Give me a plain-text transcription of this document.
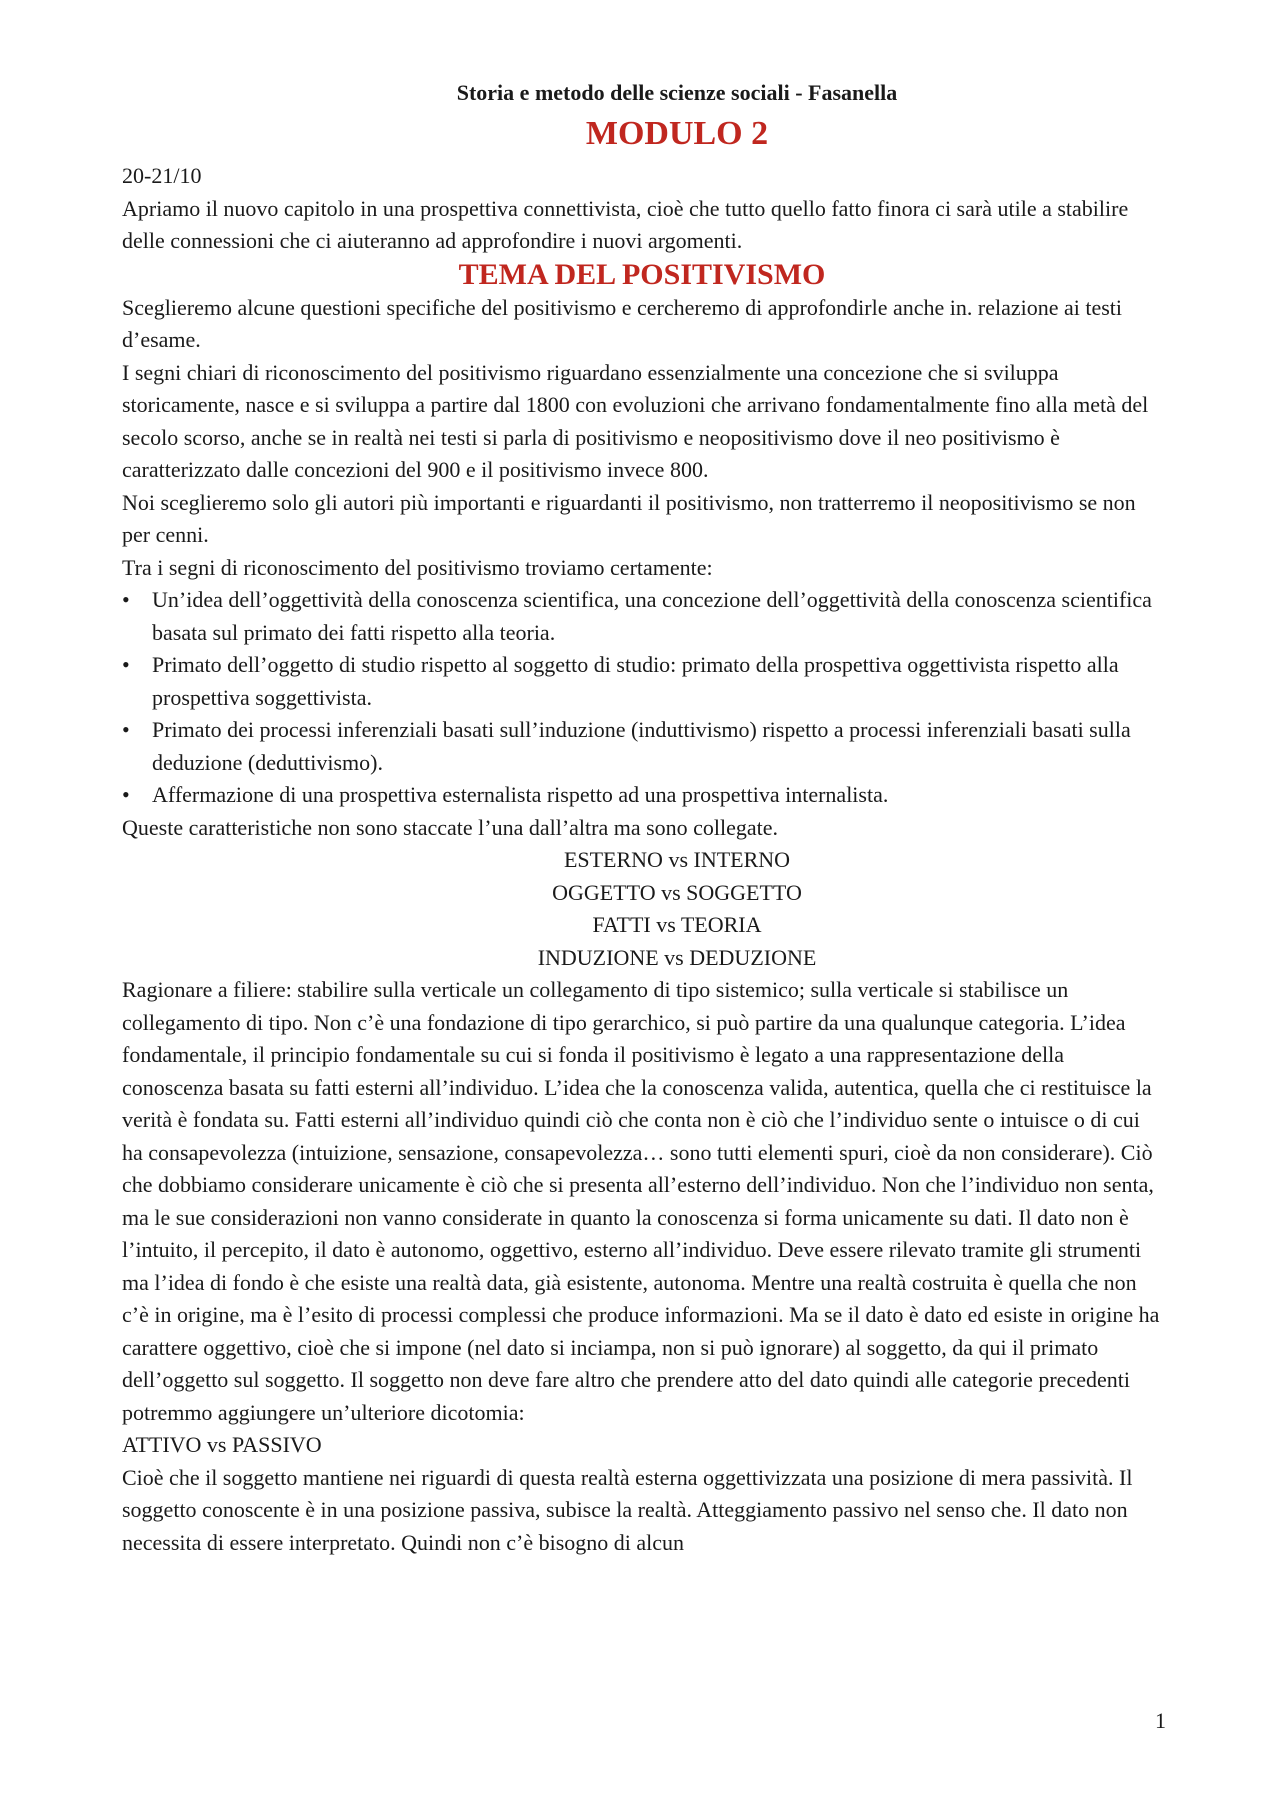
Storia e metodo delle scienze sociali - Fasanella
MODULO 2

20-21/10

Apriamo il nuovo capitolo in una prospettiva connettivista, cioè che tutto quello fatto finora ci sarà utile a stabilire delle connessioni che ci aiuteranno ad approfondire i nuovi argomenti.

TEMA DEL POSITIVISMO

Sceglieremo alcune questioni specifiche del positivismo e cercheremo di approfondirle anche in. relazione ai testi d’esame.

I segni chiari di riconoscimento del positivismo riguardano essenzialmente una concezione che si sviluppa storicamente, nasce e si sviluppa a partire dal 1800 con evoluzioni che arrivano fondamentalmente fino alla metà del secolo scorso, anche se in realtà nei testi si parla di positivismo e neopositivismo dove il neo positivismo è caratterizzato dalle concezioni del 900 e il positivismo invece 800.

Noi sceglieremo solo gli autori più importanti e riguardanti il positivismo, non tratterremo il neopositivismo se non per cenni.

Tra i segni di riconoscimento del positivismo troviamo certamente:

•	Un’idea dell’oggettività della conoscenza scientifica, una concezione dell’oggettività della conoscenza scientifica basata sul primato dei fatti rispetto alla teoria.
•	Primato dell’oggetto di studio rispetto al soggetto di studio: primato della prospettiva oggettivista rispetto alla prospettiva soggettivista.
•	Primato dei processi inferenziali basati sull’induzione (induttivismo) rispetto a processi inferenziali basati sulla deduzione (deduttivismo).
•	Affermazione di una prospettiva esternalista rispetto ad una prospettiva internalista.

Queste caratteristiche non sono staccate l’una dall’altra ma sono collegate.

ESTERNO vs INTERNO
OGGETTO vs SOGGETTO
FATTI vs TEORIA
INDUZIONE vs DEDUZIONE

Ragionare a filiere: stabilire sulla verticale un collegamento di tipo sistemico; sulla verticale si stabilisce un collegamento di tipo. Non c’è una fondazione di tipo gerarchico, si può partire da una qualunque categoria. L’idea fondamentale, il principio fondamentale su cui si fonda il positivismo è legato a una rappresentazione della conoscenza basata su fatti esterni all’individuo. L’idea che la conoscenza valida, autentica, quella che ci restituisce la verità è fondata su. Fatti esterni all’individuo quindi ciò che conta non è ciò che l’individuo sente o intuisce o di cui ha consapevolezza (intuizione, sensazione, consapevolezza… sono tutti elementi spuri, cioè da non considerare). Ciò che dobbiamo considerare unicamente è ciò che si presenta all’esterno dell’individuo. Non che l’individuo non senta, ma le sue considerazioni non vanno considerate in quanto la conoscenza si forma unicamente su dati. Il dato non è l’intuito, il percepito, il dato è autonomo, oggettivo, esterno all’individuo. Deve essere rilevato tramite gli strumenti ma l’idea di fondo è che esiste una realtà data, già esistente, autonoma. Mentre una realtà costruita è quella che non c’è in origine, ma è l’esito di processi complessi che produce informazioni. Ma se il dato è dato ed esiste in origine ha carattere oggettivo, cioè che si impone (nel dato si inciampa, non si può ignorare) al soggetto, da qui il primato dell’oggetto sul soggetto. Il soggetto non deve fare altro che prendere atto del dato quindi alle categorie precedenti potremmo aggiungere un’ulteriore dicotomia:

ATTIVO vs PASSIVO

Cioè che il soggetto mantiene nei riguardi di questa realtà esterna oggettivizzata una posizione di mera passività. Il soggetto conoscente è in una posizione passiva, subisce la realtà. Atteggiamento passivo nel senso che. Il dato non necessita di essere interpretato. Quindi non c’è bisogno di alcun

1
